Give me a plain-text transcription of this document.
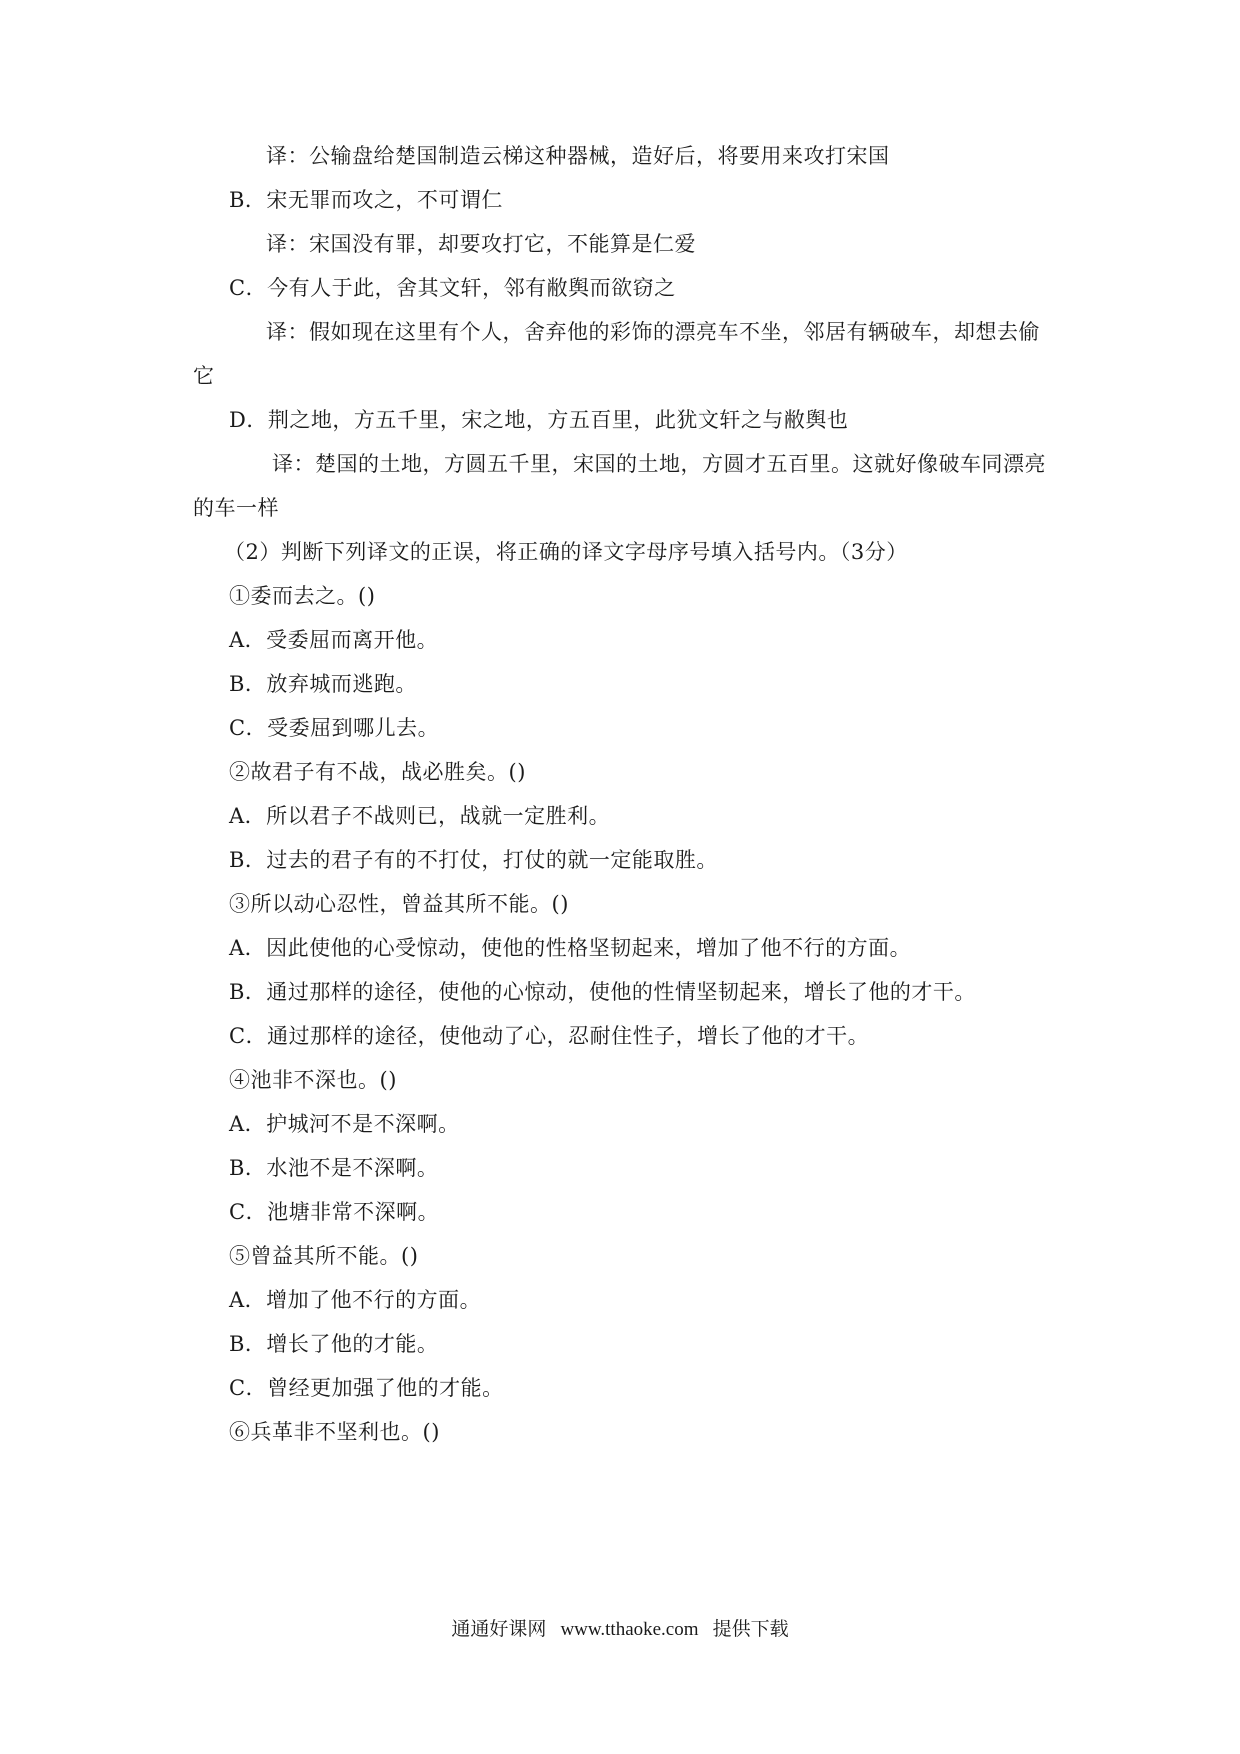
译：公输盘给楚国制造云梯这种器械，造好后，将要用来攻打宋国
B．宋无罪而攻之，不可谓仁
译：宋国没有罪，却要攻打它，不能算是仁爱
C．今有人于此，舍其文轩，邻有敝舆而欲窃之
译：假如现在这里有个人，舍弃他的彩饰的漂亮车不坐，邻居有辆破车，却想去偷
它
D．荆之地，方五千里，宋之地，方五百里，此犹文轩之与敝舆也
译：楚国的土地，方圆五千里，宋国的土地，方圆才五百里。这就好像破车同漂亮
的车一样
（2）判断下列译文的正误，将正确的译文字母序号填入括号内。（3分）
①委而去之。()
A．受委屈而离开他。
B．放弃城而逃跑。
C．受委屈到哪儿去。
②故君子有不战，战必胜矣。()
A．所以君子不战则已，战就一定胜利。
B．过去的君子有的不打仗，打仗的就一定能取胜。
③所以动心忍性，曾益其所不能。()
A．因此使他的心受惊动，使他的性格坚韧起来，增加了他不行的方面。
B．通过那样的途径，使他的心惊动，使他的性情坚韧起来，增长了他的才干。
C．通过那样的途径，使他动了心，忍耐住性子，增长了他的才干。
④池非不深也。()
A．护城河不是不深啊。
B．水池不是不深啊。
C．池塘非常不深啊。
⑤曾益其所不能。()
A．增加了他不行的方面。
B．增长了他的才能。
C．曾经更加强了他的才能。
⑥兵革非不坚利也。()
通通好课网 www.tthaoke.com 提供下载
